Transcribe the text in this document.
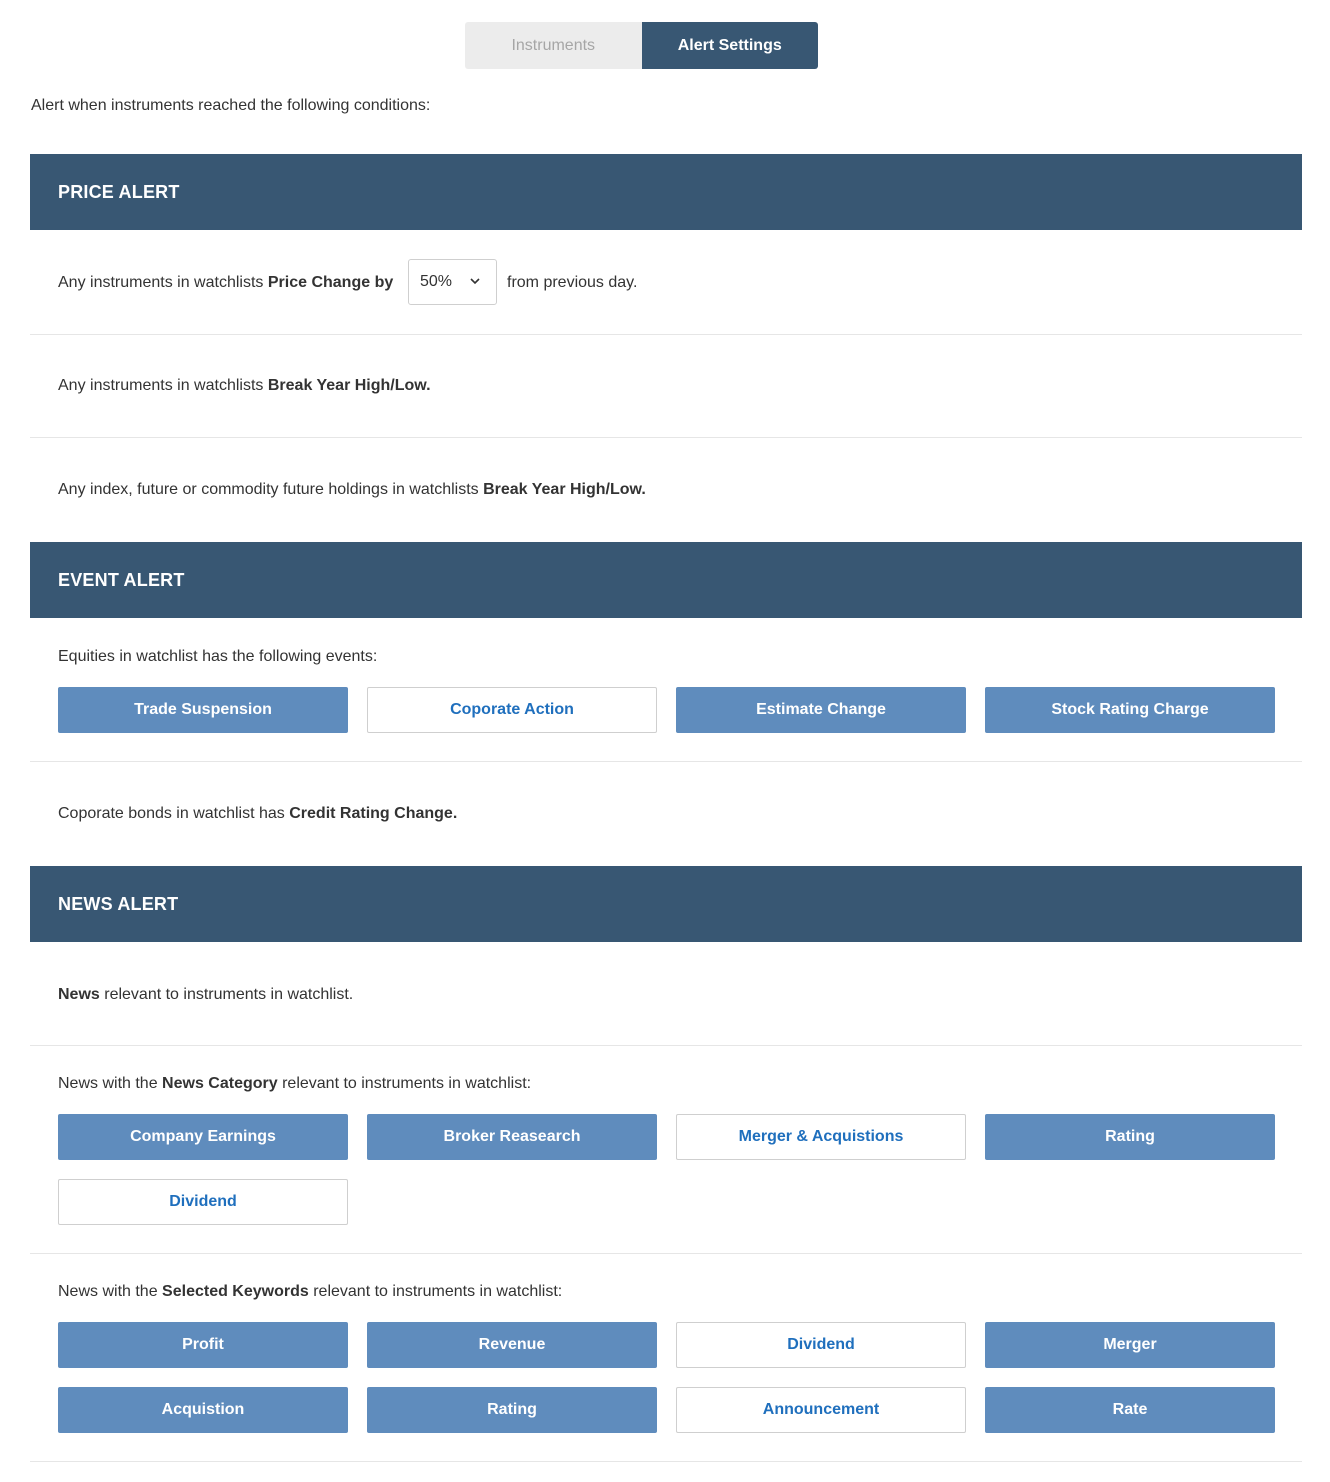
Instruments	Alert Settings
Alert when instruments reached the following conditions:
PRICE ALERT
Any instruments in watchlists Price Change by 50%	from previous day.
Any instruments in watchlists Break Year High/Low.
Any index, future or commodity future holdings in watchlists Break Year High/Low.
EVENT ALERT
Equities in watchlist has the following events:
Trade Suspension	Coporate Action	Estimate Change	Stock Rating Charge
Coporate bonds in watchlist has Credit Rating Change.
NEWS ALERT
News relevant to instruments in watchlist.
News with the News Category relevant to instruments in watchlist:
Company Earnings	Broker Reasearch	Merger & Acquistions	Rating
Dividend
News with the Selected Keywords relevant to instruments in watchlist:
Profit	Revenue	Dividend	Merger
Acquistion	Rating	Announcement	Rate
